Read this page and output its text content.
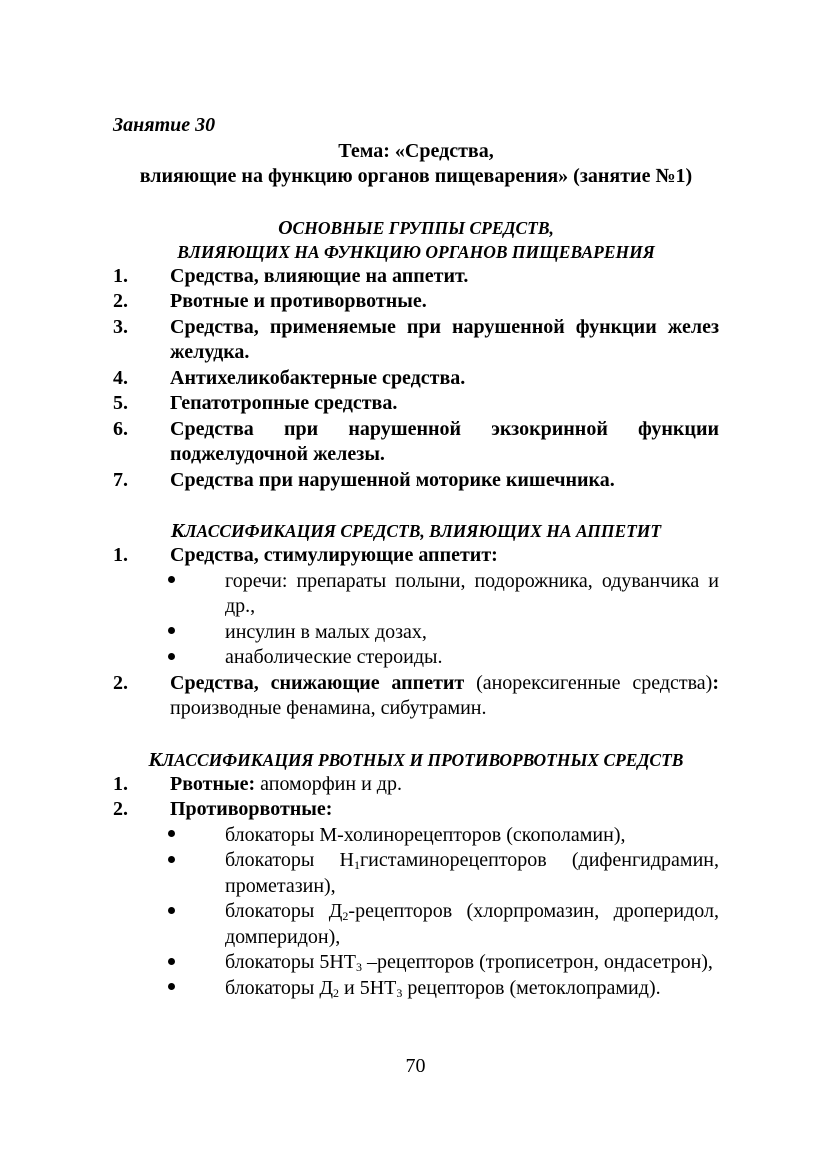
Занятие 30

Тема: «Средства,

влияющие на функцию органов пищеварения» (занятие №1)

ОСНОВНЫЕ ГРУППЫ СРЕДСТВ,

ВЛИЯЮЩИХ НА ФУНКЦИЮ ОРГАНОВ ПИЩЕВАРЕНИЯ

1.	Средства, влияющие на аппетит.
2.	Рвотные и противорвотные.
3.	Средства, применяемые при нарушенной функции желез желудка.
4.	Антихеликобактерные средства.
5.	Гепатотропные средства.
6.	Средства при нарушенной экзокринной функции поджелудочной железы.
7.	Средства при нарушенной моторике кишечника.

КЛАССИФИКАЦИЯ СРЕДСТВ, ВЛИЯЮЩИХ НА АППЕТИТ

1.	Средства, стимулирующие аппетит:
горечи: препараты полыни, подорожника, одуванчика и др.,
инсулин в малых дозах,
анаболические стероиды.
2.	Средства, снижающие аппетит (анорексигенные средства): производные фенамина, сибутрамин.

КЛАССИФИКАЦИЯ РВОТНЫХ И ПРОТИВОРВОТНЫХ СРЕДСТВ

1.	Рвотные: апоморфин и др.
2.	Противорвотные:
блокаторы М-холинорецепторов (скополамин),
блокаторы $Н_1гистаминорецепторов$ (дифенгидрамин, прометазин),
блокаторы $Д_2$-рецепторов (хлорпромазин, дроперидол, домперидон),
блокаторы $5НТ_3$ –рецепторов (трописетрон, ондасетрон),
блокаторы $Д_2$ и $5НТ_3$ рецепторов (метоклопрамид).
70
